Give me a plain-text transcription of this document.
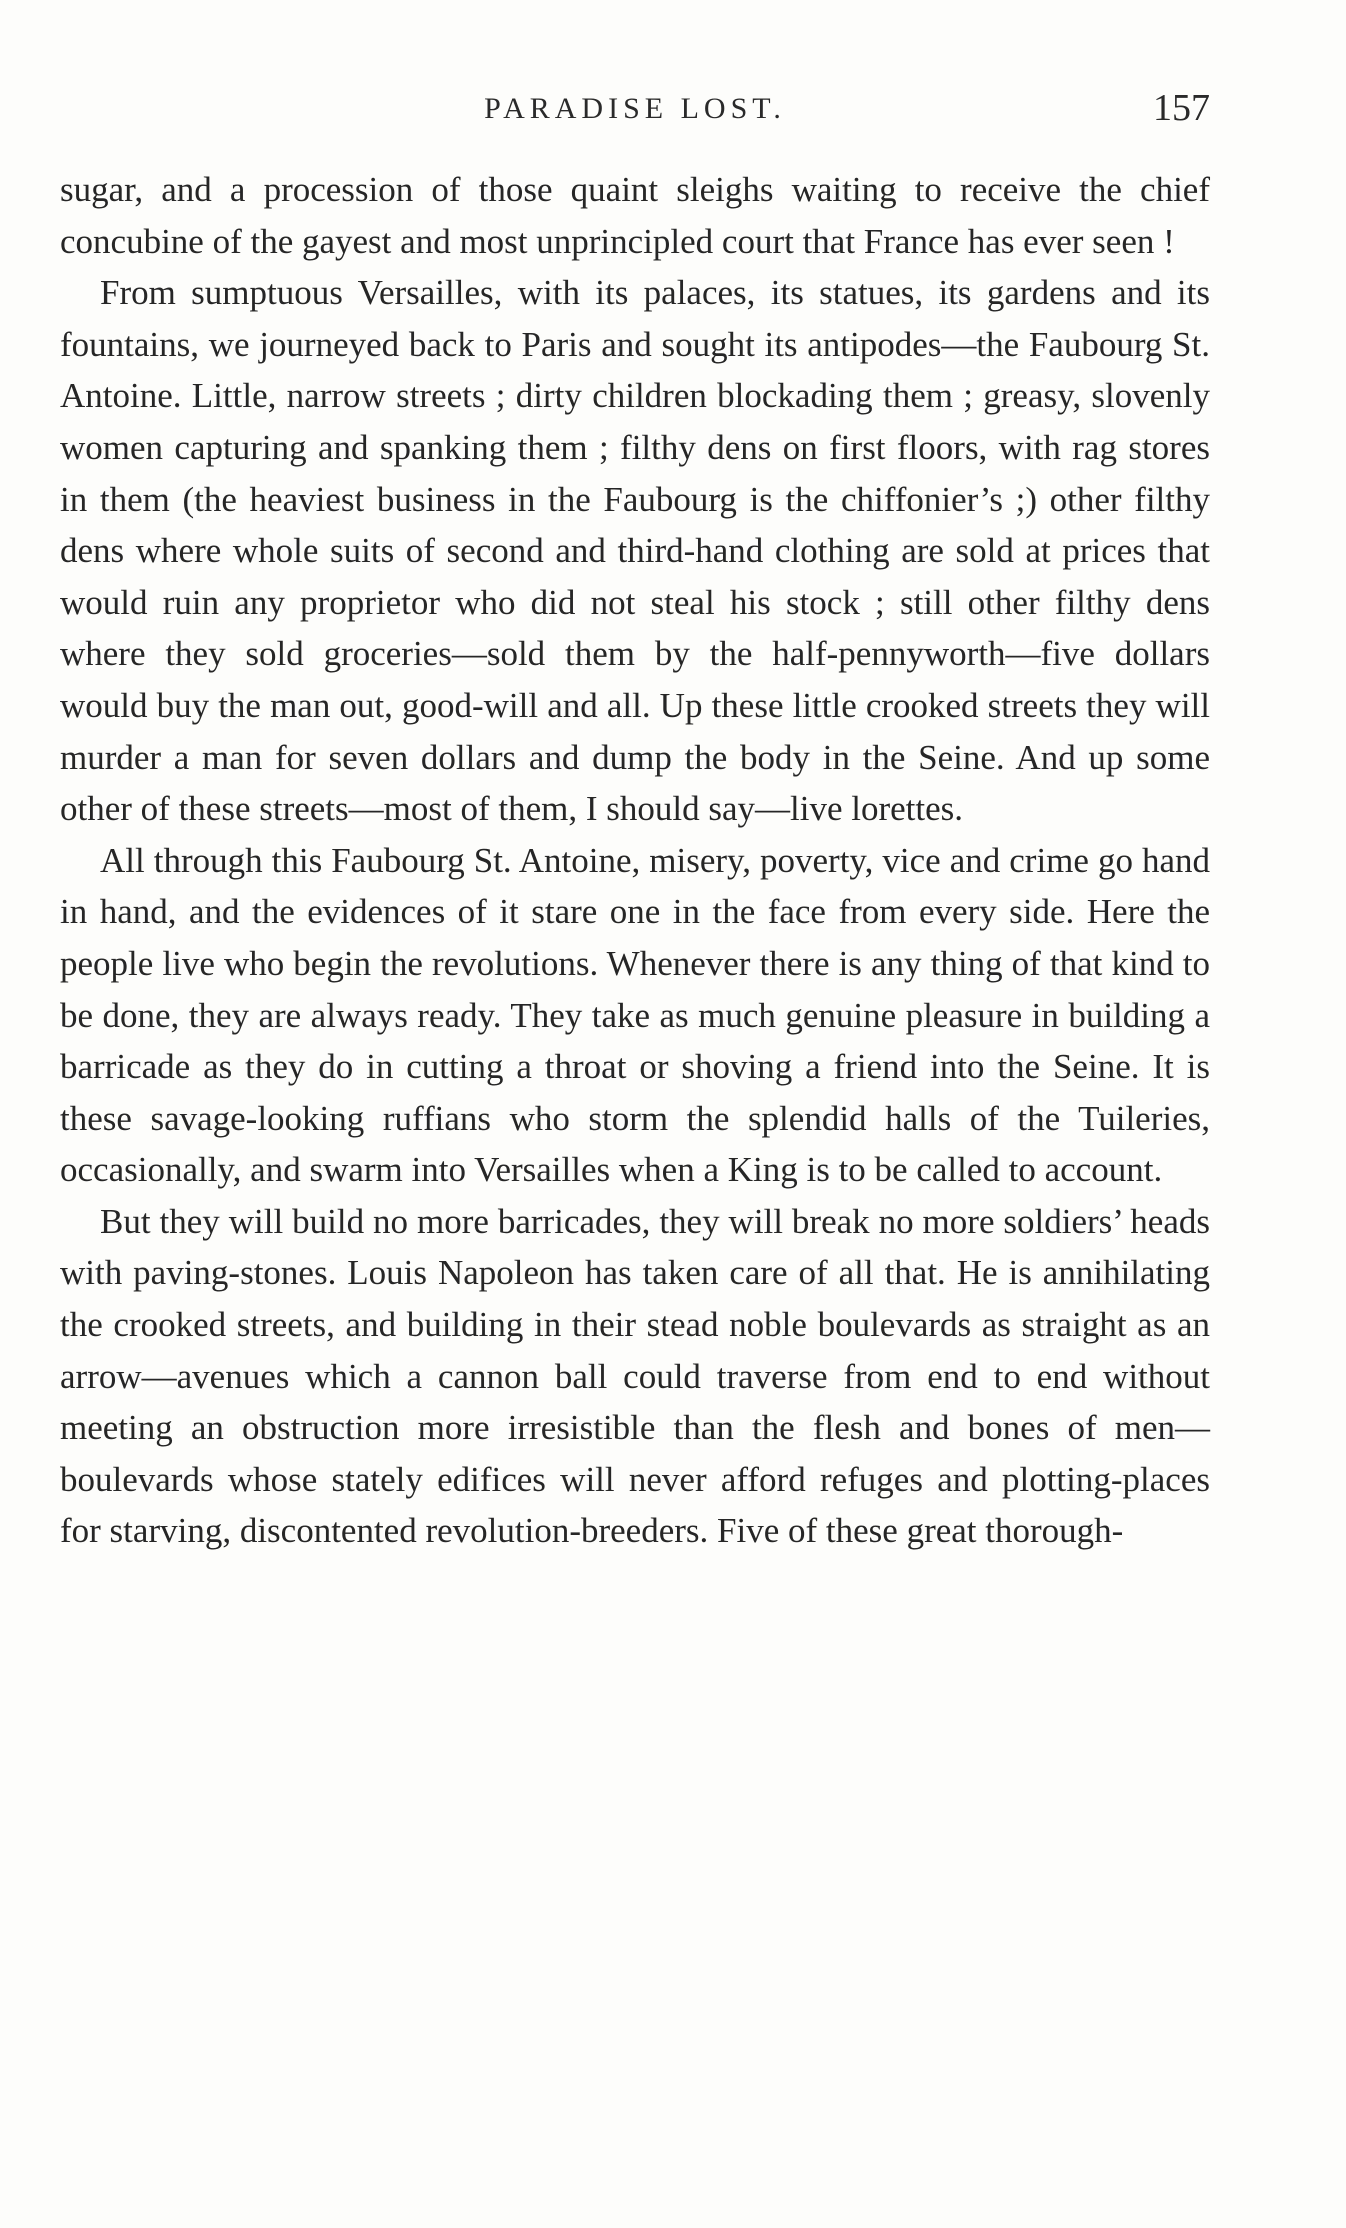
PARADISE LOST.	157

sugar, and a procession of those quaint sleighs waiting to receive the chief concubine of the gayest and most unprincipled court that France has ever seen !

From sumptuous Versailles, with its palaces, its statues, its gardens and its fountains, we journeyed back to Paris and sought its antipodes—the Faubourg St. Antoine. Little, narrow streets ; dirty children blockading them ; greasy, slovenly women capturing and spanking them ; filthy dens on first floors, with rag stores in them (the heaviest business in the Faubourg is the chiffonier’s ;) other filthy dens where whole suits of second and third-hand clothing are sold at prices that would ruin any proprietor who did not steal his stock ; still other filthy dens where they sold groceries—sold them by the half-pennyworth—five dollars would buy the man out, good-will and all. Up these little crooked streets they will murder a man for seven dollars and dump the body in the Seine. And up some other of these streets—most of them, I should say—live lorettes.

All through this Faubourg St. Antoine, misery, poverty, vice and crime go hand in hand, and the evidences of it stare one in the face from every side. Here the people live who begin the revolutions. Whenever there is any thing of that kind to be done, they are always ready. They take as much genuine pleasure in building a barricade as they do in cutting a throat or shoving a friend into the Seine. It is these savage-looking ruffians who storm the splendid halls of the Tuileries, occasionally, and swarm into Versailles when a King is to be called to account.

But they will build no more barricades, they will break no more soldiers’ heads with paving-stones. Louis Napoleon has taken care of all that. He is annihilating the crooked streets, and building in their stead noble boulevards as straight as an arrow—avenues which a cannon ball could traverse from end to end without meeting an obstruction more irresistible than the flesh and bones of men—boulevards whose stately edifices will never afford refuges and plotting-places for starving, discontented revolution-breeders. Five of these great thorough-
